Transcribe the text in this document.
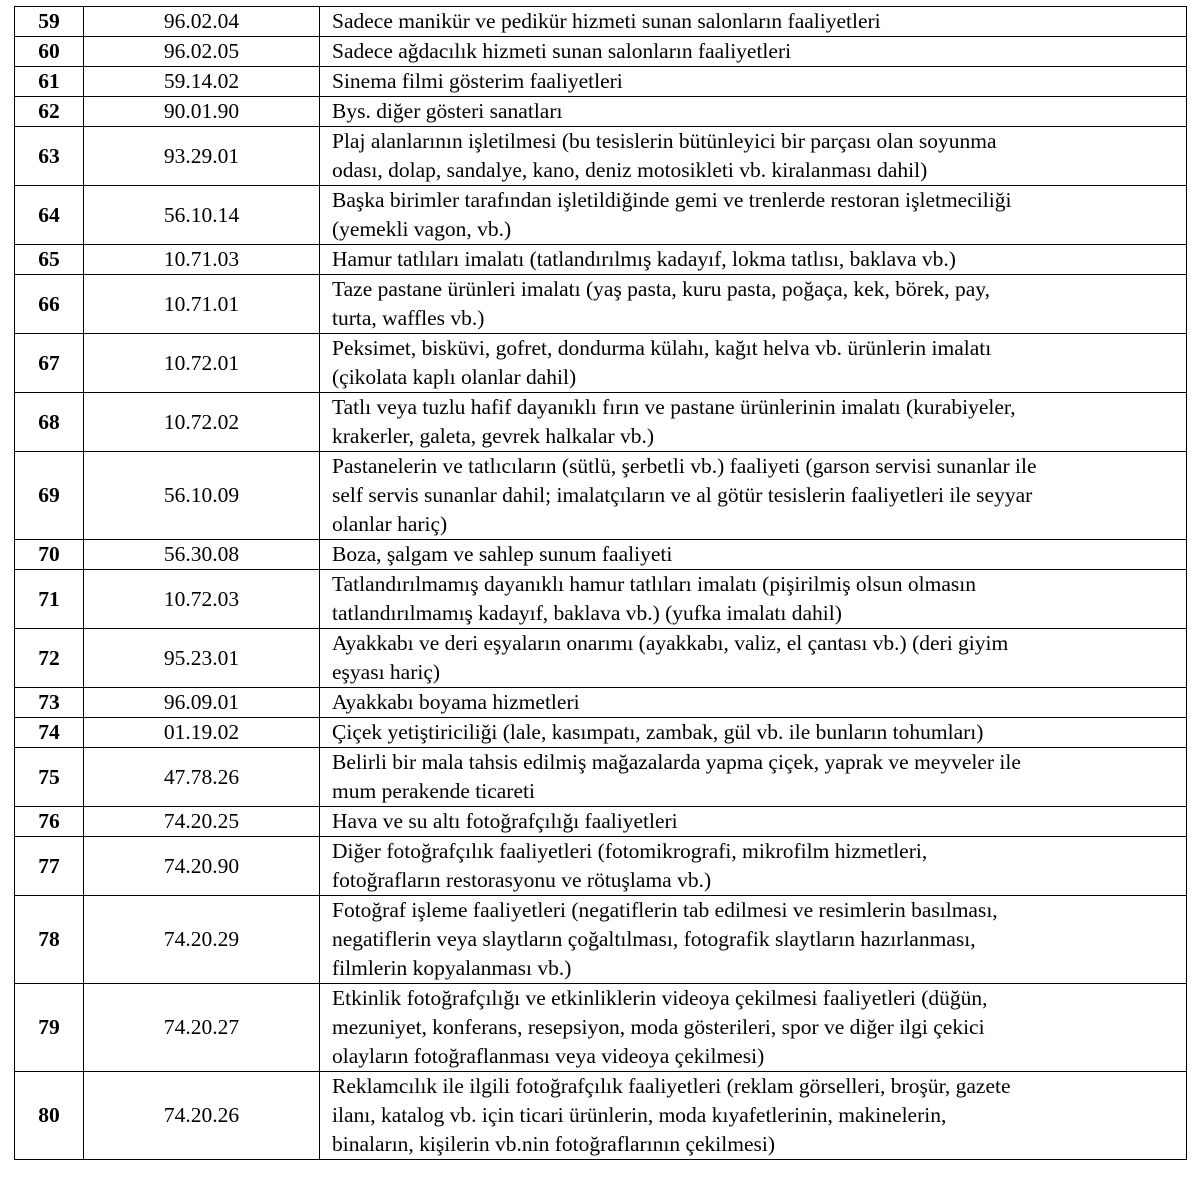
59	96.02.04	Sadece manikür ve pedikür hizmeti sunan salonların faaliyetleri

60	96.02.05	Sadece ağdacılık hizmeti sunan salonların faaliyetleri

61	59.14.02	Sinema filmi gösterim faaliyetleri

62	90.01.90	Bys. diğer gösteri sanatları

63	93.29.01	Plaj alanlarının işletilmesi (bu tesislerin bütünleyici bir parçası olan soyunma
odası, dolap, sandalye, kano, deniz motosikleti vb. kiralanması dahil)

64	56.10.14	Başka birimler tarafından işletildiğinde gemi ve trenlerde restoran işletmeciliği
(yemekli vagon, vb.)

65	10.71.03	Hamur tatlıları imalatı (tatlandırılmış kadayıf, lokma tatlısı, baklava vb.)

66	10.71.01	Taze pastane ürünleri imalatı (yaş pasta, kuru pasta, poğaça, kek, börek, pay,
turta, waffles vb.)

67	10.72.01	Peksimet, bisküvi, gofret, dondurma külahı, kağıt helva vb. ürünlerin imalatı
(çikolata kaplı olanlar dahil)

68	10.72.02	Tatlı veya tuzlu hafif dayanıklı fırın ve pastane ürünlerinin imalatı (kurabiyeler,
krakerler, galeta, gevrek halkalar vb.)

69	56.10.09	Pastanelerin ve tatlıcıların (sütlü, şerbetli vb.) faaliyeti (garson servisi sunanlar ile
self servis sunanlar dahil; imalatçıların ve al götür tesislerin faaliyetleri ile seyyar
olanlar hariç)

70	56.30.08	Boza, şalgam ve sahlep sunum faaliyeti

71	10.72.03	Tatlandırılmamış dayanıklı hamur tatlıları imalatı (pişirilmiş olsun olmasın
tatlandırılmamış kadayıf, baklava vb.) (yufka imalatı dahil)

72	95.23.01	Ayakkabı ve deri eşyaların onarımı (ayakkabı, valiz, el çantası vb.) (deri giyim
eşyası hariç)

73	96.09.01	Ayakkabı boyama hizmetleri

74	01.19.02	Çiçek yetiştiriciliği (lale, kasımpatı, zambak, gül vb. ile bunların tohumları)

75	47.78.26	Belirli bir mala tahsis edilmiş mağazalarda yapma çiçek, yaprak ve meyveler ile
mum perakende ticareti

76	74.20.25	Hava ve su altı fotoğrafçılığı faaliyetleri

77	74.20.90	Diğer fotoğrafçılık faaliyetleri (fotomikrografi, mikrofilm hizmetleri,
fotoğrafların restorasyonu ve rötuşlama vb.)

78	74.20.29	Fotoğraf işleme faaliyetleri (negatiflerin tab edilmesi ve resimlerin basılması,
negatiflerin veya slaytların çoğaltılması, fotografik slaytların hazırlanması,
filmlerin kopyalanması vb.)

79	74.20.27	Etkinlik fotoğrafçılığı ve etkinliklerin videoya çekilmesi faaliyetleri (düğün,
mezuniyet, konferans, resepsiyon, moda gösterileri, spor ve diğer ilgi çekici
olayların fotoğraflanması veya videoya çekilmesi)

80	74.20.26	Reklamcılık ile ilgili fotoğrafçılık faaliyetleri (reklam görselleri, broşür, gazete
ilanı, katalog vb. için ticari ürünlerin, moda kıyafetlerinin, makinelerin,
binaların, kişilerin vb.nin fotoğraflarının çekilmesi)
